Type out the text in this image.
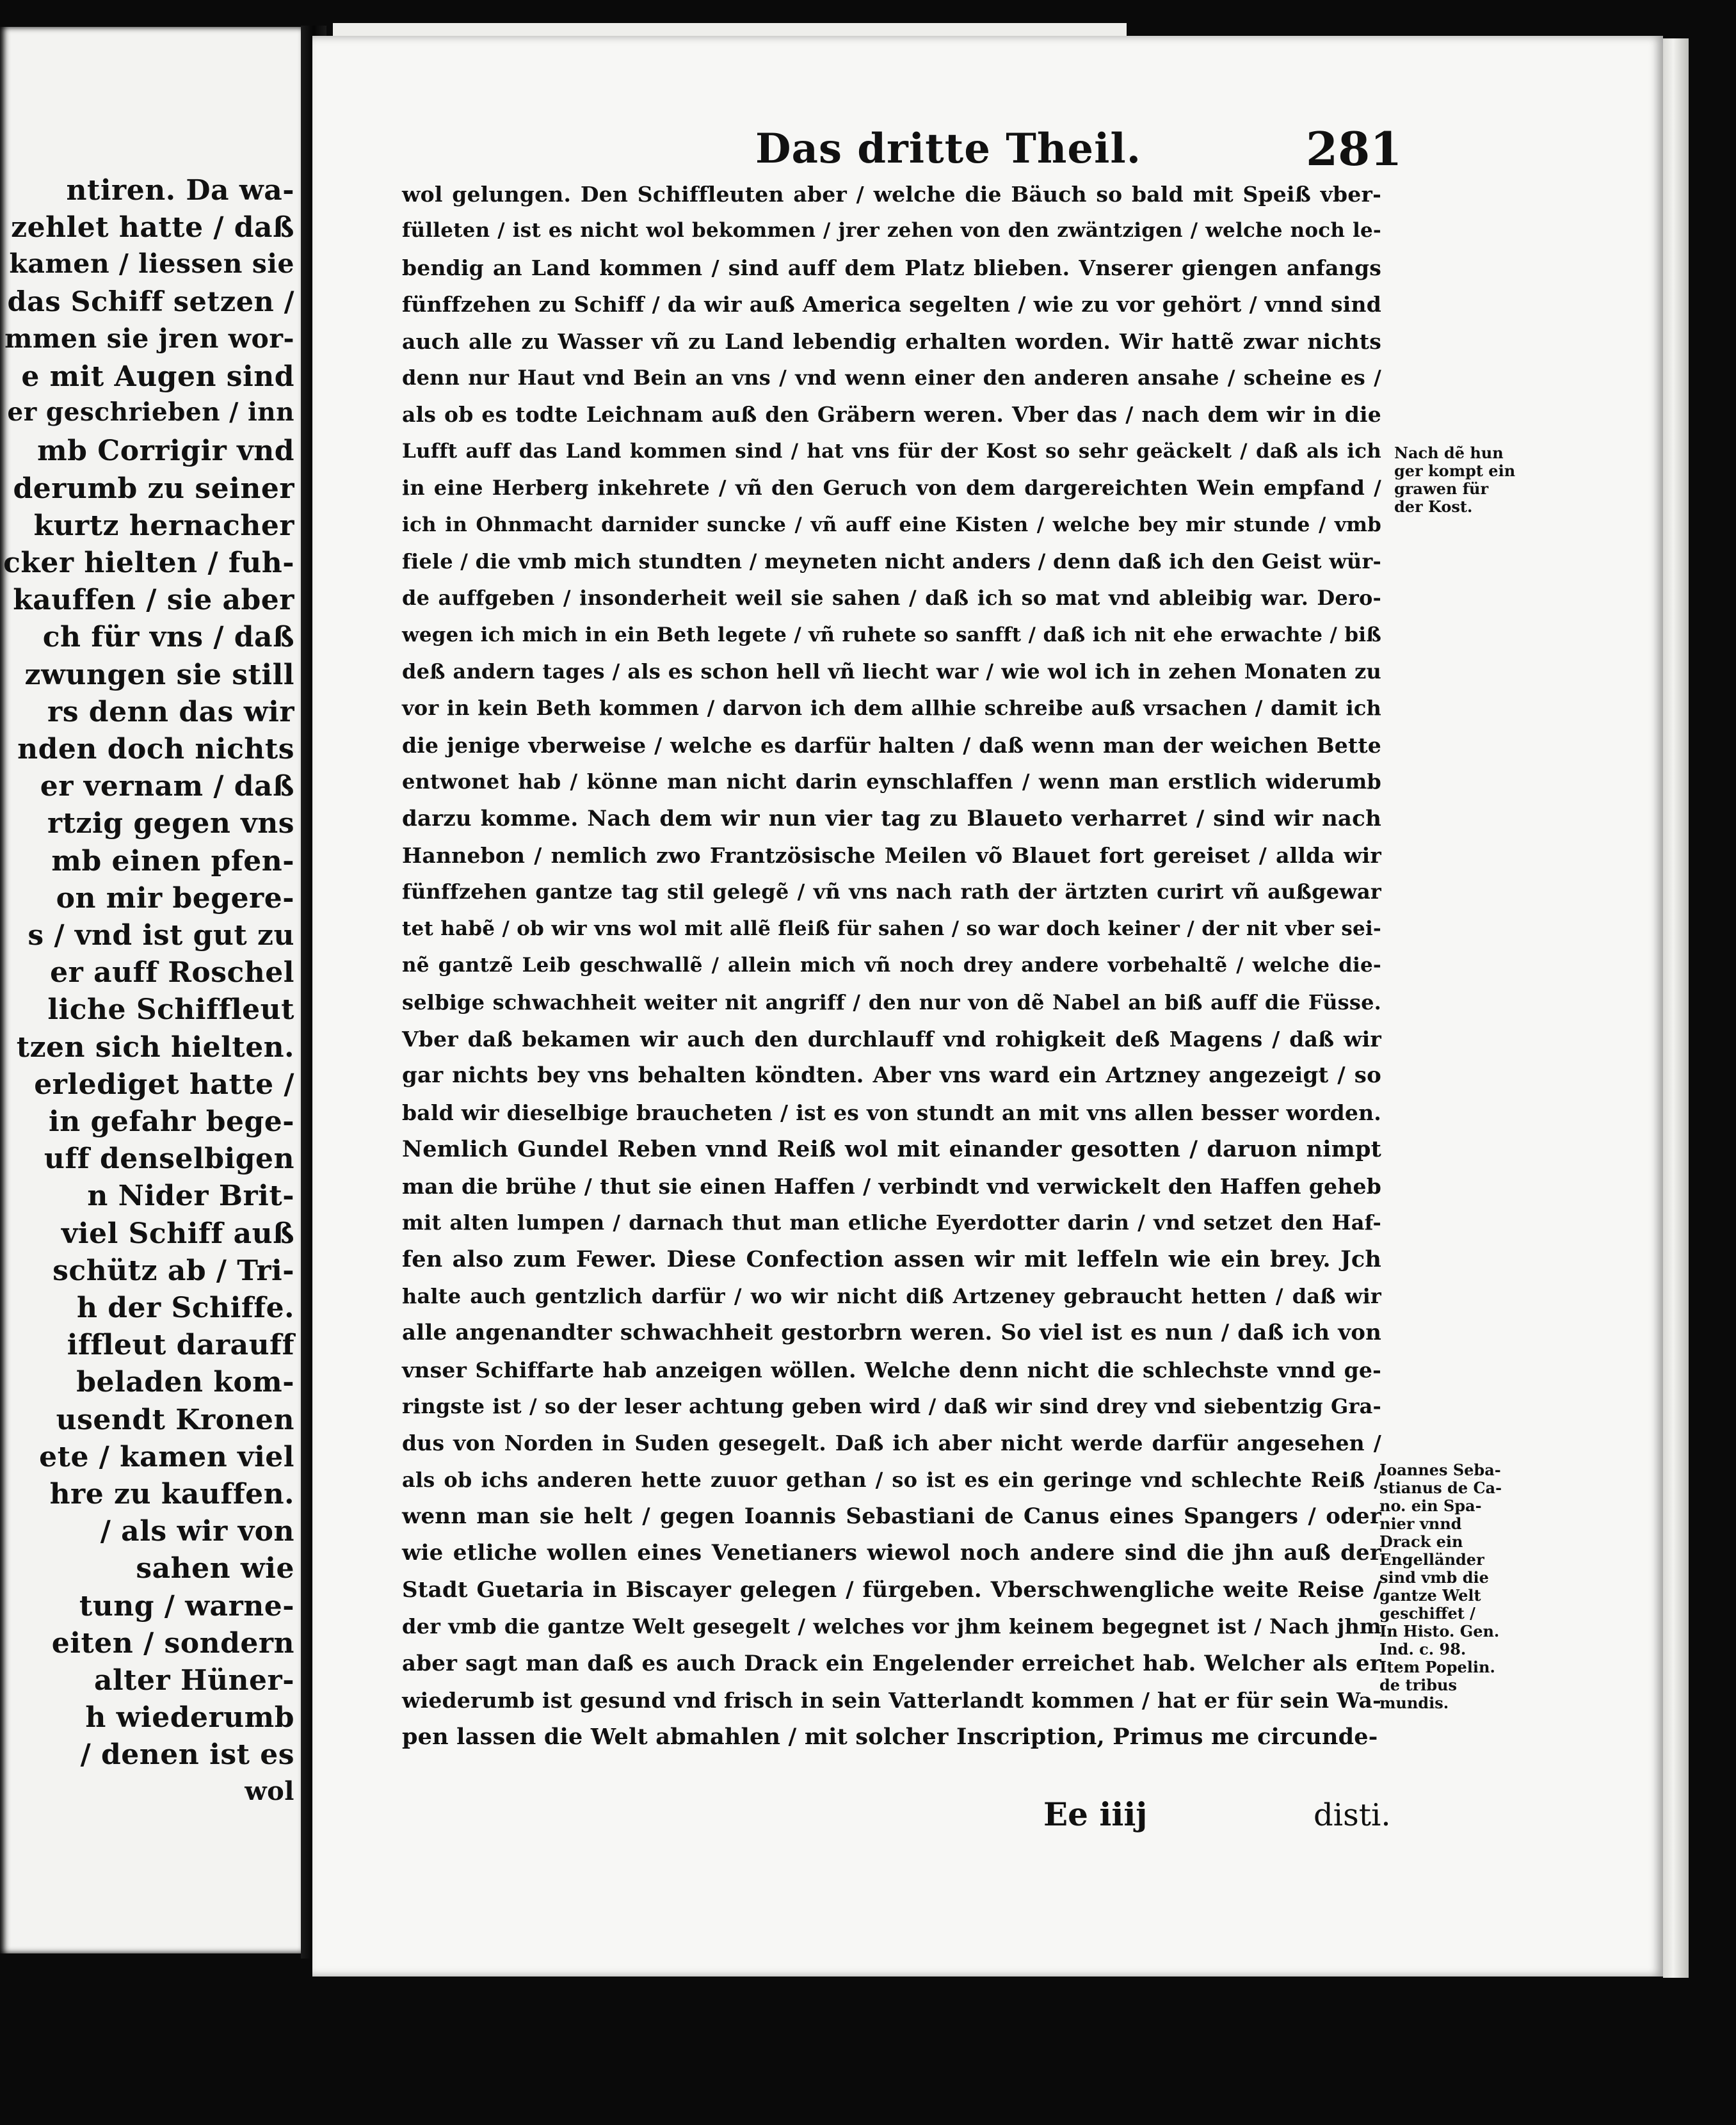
ntiren. Da wa-
zehlet hatte / daß
kamen / liessen sie
das Schiff setzen /
mmen sie jren wor-
e mit Augen sind
er geschrieben / inn
mb Corrigir vnd
derumb zu seiner
kurtz hernacher
cker hielten / fuh-
kauffen / sie aber
ch für vns / daß
zwungen sie still
rs denn das wir
nden doch nichts
er vernam / daß
rtzig gegen vns
mb einen pfen-
on mir begere-
s / vnd ist gut zu
er auff Roschel
liche Schiffleut
tzen sich hielten.
erlediget hatte /
in gefahr bege-
uff denselbigen
n Nider Brit-
viel Schiff auß
schütz ab / Tri-
h der Schiffe.
iffleut darauff
beladen kom-
usendt Kronen
ete / kamen viel
hre zu kauffen.
/ als wir von
sahen wie
tung / warne-
eiten / sondern
alter Hüner-
h wiederumb
/ denen ist es
wol
Das dritte Theil.	281
wol gelungen. Den Schiffleuten aber / welche die Bäuch so bald mit Speiß vber-
fülleten / ist es nicht wol bekommen / jrer zehen von den zwäntzigen / welche noch le-
bendig an Land kommen / sind auff dem Platz blieben. Vnserer giengen anfangs
fünffzehen zu Schiff / da wir auß America segelten / wie zu vor gehört / vnnd sind
auch alle zu Wasser vñ zu Land lebendig erhalten worden. Wir hattẽ zwar nichts
denn nur Haut vnd Bein an vns / vnd wenn einer den anderen ansahe / scheine es /
als ob es todte Leichnam auß den Gräbern weren. Vber das / nach dem wir in die
Lufft auff das Land kommen sind / hat vns für der Kost so sehr geäckelt / daß als ich
in eine Herberg inkehrete / vñ den Geruch von dem dargereichten Wein empfand /
ich in Ohnmacht darnider suncke / vñ auff eine Kisten / welche bey mir stunde / vmb
fiele / die vmb mich stundten / meyneten nicht anders / denn daß ich den Geist wür-
de auffgeben / insonderheit weil sie sahen / daß ich so mat vnd ableibig war. Dero-
wegen ich mich in ein Beth legete / vñ ruhete so sanfft / daß ich nit ehe erwachte / biß
deß andern tages / als es schon hell vñ liecht war / wie wol ich in zehen Monaten zu
vor in kein Beth kommen / darvon ich dem allhie schreibe auß vrsachen / damit ich
die jenige vberweise / welche es darfür halten / daß wenn man der weichen Bette
entwonet hab / könne man nicht darin eynschlaffen / wenn man erstlich widerumb
darzu komme. Nach dem wir nun vier tag zu Blaueto verharret / sind wir nach
Hannebon / nemlich zwo Frantzösische Meilen võ Blauet fort gereiset / allda wir
fünffzehen gantze tag stil gelegẽ / vñ vns nach rath der ärtzten curirt vñ außgewar
tet habẽ / ob wir vns wol mit allẽ fleiß für sahen / so war doch keiner / der nit vber sei-
nẽ gantzẽ Leib geschwallẽ / allein mich vñ noch drey andere vorbehaltẽ / welche die-
selbige schwachheit weiter nit angriff / den nur von dẽ Nabel an biß auff die Füsse.
Vber daß bekamen wir auch den durchlauff vnd rohigkeit deß Magens / daß wir
gar nichts bey vns behalten köndten. Aber vns ward ein Artzney angezeigt / so
bald wir dieselbige braucheten / ist es von stundt an mit vns allen besser worden.
Nemlich Gundel Reben vnnd Reiß wol mit einander gesotten / daruon nimpt
man die brühe / thut sie einen Haffen / verbindt vnd verwickelt den Haffen geheb
mit alten lumpen / darnach thut man etliche Eyerdotter darin / vnd setzet den Haf-
fen also zum Fewer. Diese Confection assen wir mit leffeln wie ein brey. Jch
halte auch gentzlich darfür / wo wir nicht diß Artzeney gebraucht hetten / daß wir
alle angenandter schwachheit gestorbrn weren. So viel ist es nun / daß ich von
vnser Schiffarte hab anzeigen wöllen. Welche denn nicht die schlechste vnnd ge-
ringste ist / so der leser achtung geben wird / daß wir sind drey vnd siebentzig Gra-
dus von Norden in Suden gesegelt. Daß ich aber nicht werde darfür angesehen /
als ob ichs anderen hette zuuor gethan / so ist es ein geringe vnd schlechte Reiß /
wenn man sie helt / gegen Ioannis Sebastiani de Canus eines Spangers / oder
wie etliche wollen eines Venetianers wiewol noch andere sind die jhn auß der
Stadt Guetaria in Biscayer gelegen / fürgeben. Vberschwengliche weite Reise /
der vmb die gantze Welt gesegelt / welches vor jhm keinem begegnet ist / Nach jhm
aber sagt man daß es auch Drack ein Engelender erreichet hab. Welcher als er
wiederumb ist gesund vnd frisch in sein Vatterlandt kommen / hat er für sein Wa-
pen lassen die Welt abmahlen / mit solcher Inscription, Primus me circunde-
Nach dẽ hun
ger kompt ein
grawen für
der Kost.
Ioannes Seba-
stianus de Ca-
no. ein Spa-
nier vnnd
Drack ein
Engelländer
sind vmb die
gantze Welt
geschiffet /
In Histo. Gen.
Ind. c. 98.
Item Popelin.
de tribus
mundis.
Ee iiij	disti.
